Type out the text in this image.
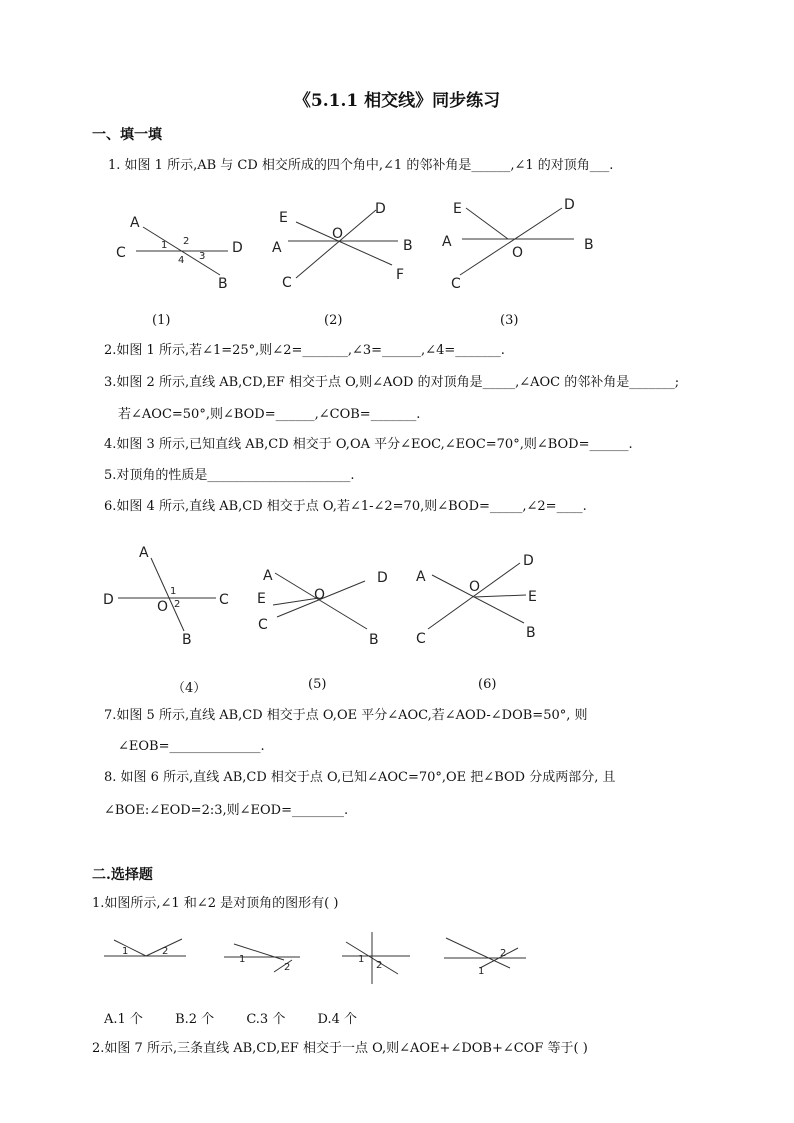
《5.1.1 相交线》同步练习
一、填一填
1. 如图 1 所示,AB 与 CD 相交所成的四个角中,∠1 的邻补角是______,∠1 的对顶角___.
A
C	D
B
1 2
3
4
(1)
E
D
A	B
O
F
C
(2)
E	D
A	B
O
C
(3)
2.如图 1 所示,若∠1=25°,则∠2=_______,∠3=______,∠4=_______.
3.如图 2 所示,直线 AB,CD,EF 相交于点 O,则∠AOD 的对顶角是_____,∠AOC 的邻补角是_______;
若∠AOC=50°,则∠BOD=______,∠COB=_______.
4.如图 3 所示,已知直线 AB,CD 相交于 O,OA 平分∠EOC,∠EOC=70°,则∠BOD=______.
5.对顶角的性质是______________________.
6.如图 4 所示,直线 AB,CD 相交于点 O,若∠1-∠2=70,则∠BOD=_____,∠2=____.
A
D	C
O
B
1
2
（4）
A	D
E	O
C
B
(5)
A
D
O
E
B
C
(6)
7.如图 5 所示,直线 AB,CD 相交于点 O,OE 平分∠AOC,若∠AOD-∠DOB=50°, 则
∠EOB=______________.
8. 如图 6 所示,直线 AB,CD 相交于点 O,已知∠AOC=70°,OE 把∠BOD 分成两部分, 且
∠BOE:∠EOD=2:3,则∠EOD=________.
二.选择题
1.如图所示,∠1 和∠2 是对顶角的图形有( )
1	2
1
2
1
2
2
1
A.1 个 B.2 个 C.3 个 D.4 个
2.如图 7 所示,三条直线 AB,CD,EF 相交于一点 O,则∠AOE+∠DOB+∠COF 等于( )
